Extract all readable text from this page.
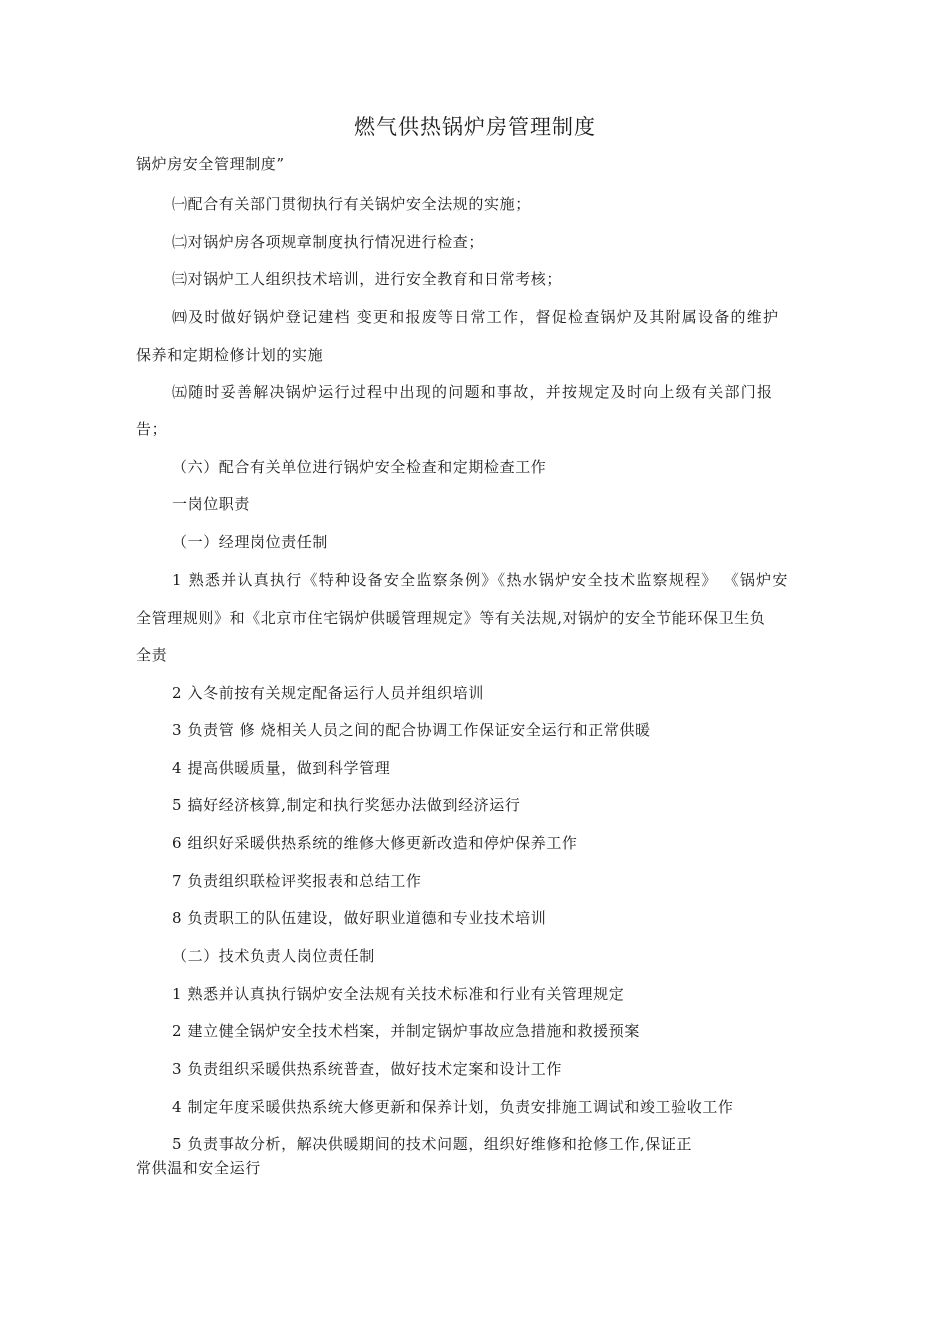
燃气供热锅炉房管理制度
锅炉房安全管理制度”
㈠配合有关部门贯彻执行有关锅炉安全法规的实施；
㈡对锅炉房各项规章制度执行情况进行检查；
㈢对锅炉工人组织技术培训，进行安全教育和日常考核；
㈣及时做好锅炉登记建档 变更和报废等日常工作，督促检查锅炉及其附属设备的维护
保养和定期检修计划的实施
㈤随时妥善解决锅炉运行过程中出现的问题和事故，并按规定及时向上级有关部门报
告；
（六）配合有关单位进行锅炉安全检查和定期检查工作
一岗位职责
（一）经理岗位责任制
1 熟悉并认真执行《特种设备安全监察条例》《热水锅炉安全技术监察规程》 《锅炉安
全管理规则》和《北京市住宅锅炉供暖管理规定》等有关法规,对锅炉的安全节能环保卫生负
全责
2 入冬前按有关规定配备运行人员并组织培训
3 负责管 修 烧相关人员之间的配合协调工作保证安全运行和正常供暖
4 提高供暖质量，做到科学管理
5 搞好经济核算,制定和执行奖惩办法做到经济运行
6 组织好采暖供热系统的维修大修更新改造和停炉保养工作
7 负责组织联检评奖报表和总结工作
8 负责职工的队伍建设，做好职业道德和专业技术培训
（二）技术负责人岗位责任制
1 熟悉并认真执行锅炉安全法规有关技术标准和行业有关管理规定
2 建立健全锅炉安全技术档案，并制定锅炉事故应急措施和救援预案
3 负责组织采暖供热系统普查，做好技术定案和设计工作
4 制定年度采暖供热系统大修更新和保养计划，负责安排施工调试和竣工验收工作
5 负责事故分析，解决供暖期间的技术问题，组织好维修和抢修工作,保证正
常供温和安全运行
